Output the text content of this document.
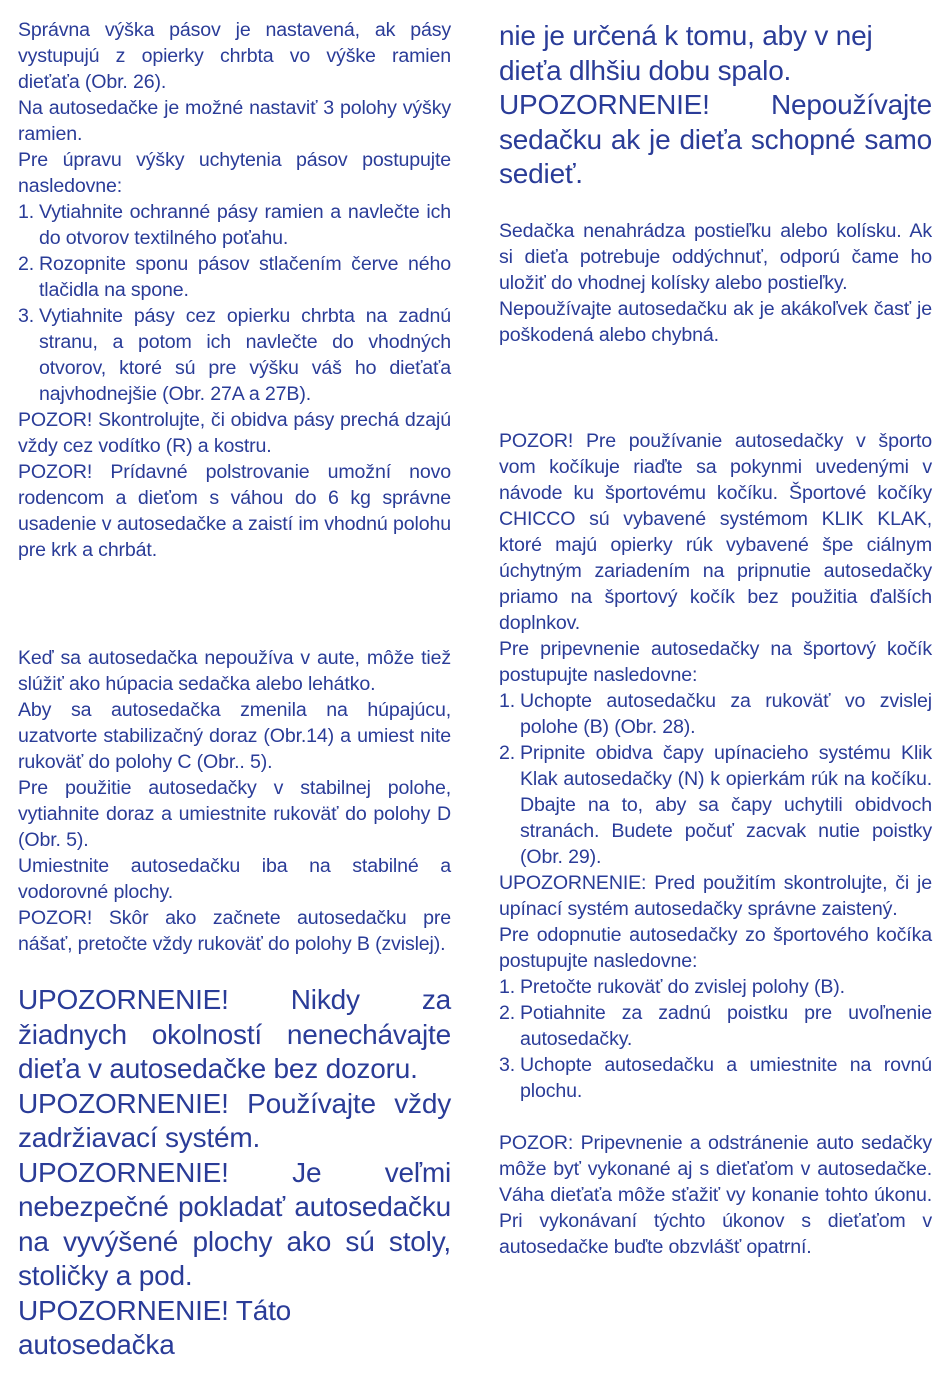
Správna výška pásov je nastavená, ak pásy vystupujú z opierky chrbta vo výške ramien dieťaťa (Obr. 26).

Na autosedačke je možné nastaviť 3 polohy výšky ramien.

Pre úpravu výšky uchytenia pásov postupujte nasledovne:

1. Vytiahnite ochranné pásy ramien a navlečte ich do otvorov textilného poťahu.
2. Rozopnite sponu pásov stlačením červe ného tlačidla na spone.
3. Vytiahnite pásy cez opierku chrbta na zadnú stranu, a potom ich navlečte do vhodných otvorov, ktoré sú pre výšku váš ho dieťaťa najvhodnejšie (Obr. 27A a 27B).

POZOR! Skontrolujte, či obidva pásy prechá dzajú vždy cez vodítko (R) a kostru.

POZOR! Prídavné polstrovanie umožní novo rodencom a dieťom s váhou do 6 kg správne usadenie v autosedačke a zaistí im vhodnú polohu pre krk a chrbát.

Keď sa autosedačka nepoužíva v aute, môže tiež slúžiť ako húpacia sedačka alebo lehátko.

Aby sa autosedačka zmenila na húpajúcu, uzatvorte stabilizačný doraz (Obr.14) a umiest nite rukoväť do polohy C (Obr.. 5).

Pre použitie autosedačky v stabilnej polohe, vytiahnite doraz a umiestnite rukoväť do polohy D (Obr. 5).

Umiestnite autosedačku iba na stabilné a vodorovné plochy.

POZOR! Skôr ako začnete autosedačku pre nášať, pretočte vždy rukoväť do polohy B (zvislej).

UPOZORNENIE! Nikdy za žiadnych okolností nenechávajte dieťa v autosedačke bez dozoru.

UPOZORNENIE! Používajte vždy zadržiavací systém.

UPOZORNENIE! Je veľmi nebezpečné pokladať autosedačku na vyvýšené plochy ako sú stoly, stoličky a pod.

UPOZORNENIE! Táto autosedačka

nie je určená k tomu, aby v nej dieťa dlhšiu dobu spalo.

UPOZORNENIE! Nepoužívajte sedačku ak je dieťa schopné samo sedieť.

Sedačka nenahrádza postieľku alebo kolísku. Ak si dieťa potrebuje oddýchnuť, odporú čame ho uložiť do vhodnej kolísky alebo postieľky.

Nepoužívajte autosedačku ak je akákoľvek časť je poškodená alebo chybná.

POZOR! Pre používanie autosedačky v športo vom kočíkuje riaďte sa pokynmi uvedenými v návode ku športovému kočíku. Športové kočíky CHICCO sú vybavené systémom KLIK KLAK, ktoré majú opierky rúk vybavené špe ciálnym úchytným zariadením na pripnutie autosedačky priamo na športový kočík bez použitia ďalších doplnkov.

Pre pripevnenie autosedačky na športový kočík postupujte nasledovne:

1. Uchopte autosedačku za rukoväť vo zvislej polohe (B) (Obr. 28).
2. Pripnite obidva čapy upínacieho systému Klik Klak autosedačky (N) k opierkám rúk na kočíku. Dbajte na to, aby sa čapy uchytili obidvoch stranách. Budete počuť zacvak nutie poistky (Obr. 29).

UPOZORNENIE: Pred použitím skontrolujte, či je upínací systém autosedačky správne zaistený.

Pre odopnutie autosedačky zo športového kočíka postupujte nasledovne:

1. Pretočte rukoväť do zvislej polohy (B).
2. Potiahnite za zadnú poistku pre uvoľnenie autosedačky.
3. Uchopte autosedačku a umiestnite na rovnú plochu.

POZOR: Pripevnenie a odstránenie auto sedačky môže byť vykonané aj s dieťaťom v autosedačke. Váha dieťaťa môže sťažiť vy konanie tohto úkonu. Pri vykonávaní týchto úkonov s dieťaťom v autosedačke buďte obzvlášť opatrní.
